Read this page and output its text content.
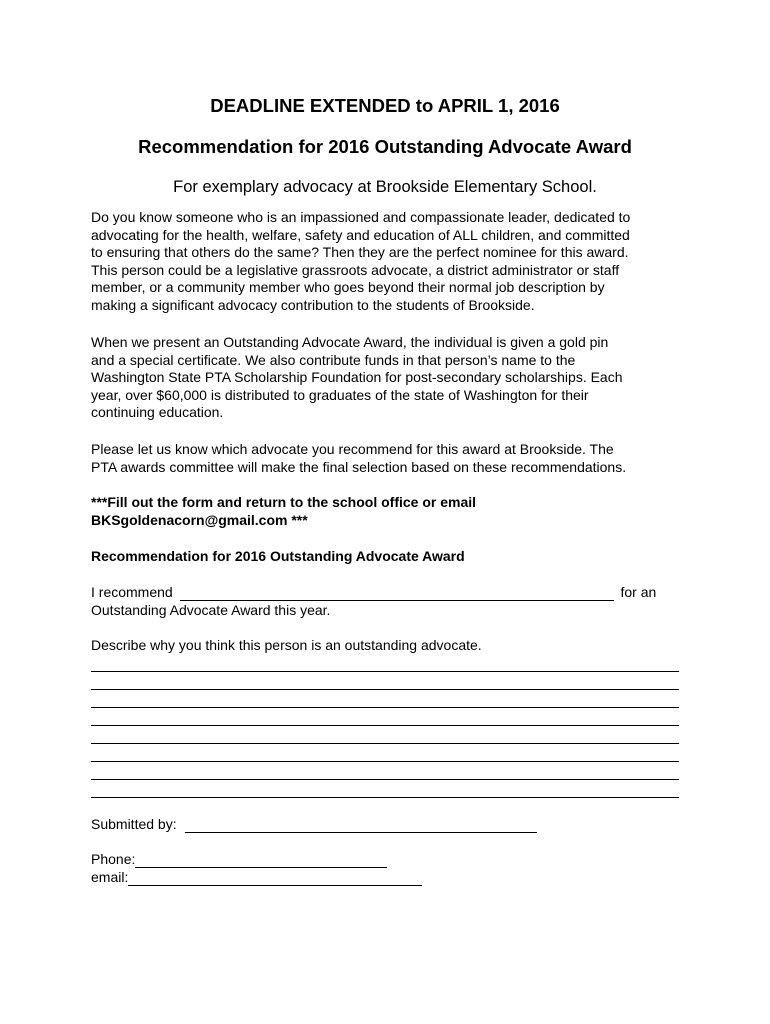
DEADLINE EXTENDED to APRIL 1, 2016
Recommendation for 2016 Outstanding Advocate Award
For exemplary advocacy at Brookside Elementary School.
Do you know someone who is an impassioned and compassionate leader, dedicated to
advocating for the health, welfare, safety and education of ALL children, and committed
to ensuring that others do the same? Then they are the perfect nominee for this award.
This person could be a legislative grassroots advocate, a district administrator or staff
member, or a community member who goes beyond their normal job description by
making a significant advocacy contribution to the students of Brookside.
When we present an Outstanding Advocate Award, the individual is given a gold pin
and a special certificate. We also contribute funds in that person’s name to the
Washington State PTA Scholarship Foundation for post-secondary scholarships. Each
year, over $60,000 is distributed to graduates of the state of Washington for their
continuing education.
Please let us know which advocate you recommend for this award at Brookside. The
PTA awards committee will make the final selection based on these recommendations.
***Fill out the form and return to the school office or email
BKSgoldenacorn@gmail.com ***
Recommendation for 2016 Outstanding Advocate Award
I recommend	for an
Outstanding Advocate Award this year.
Describe why you think this person is an outstanding advocate.
Submitted by:
Phone:
email:
